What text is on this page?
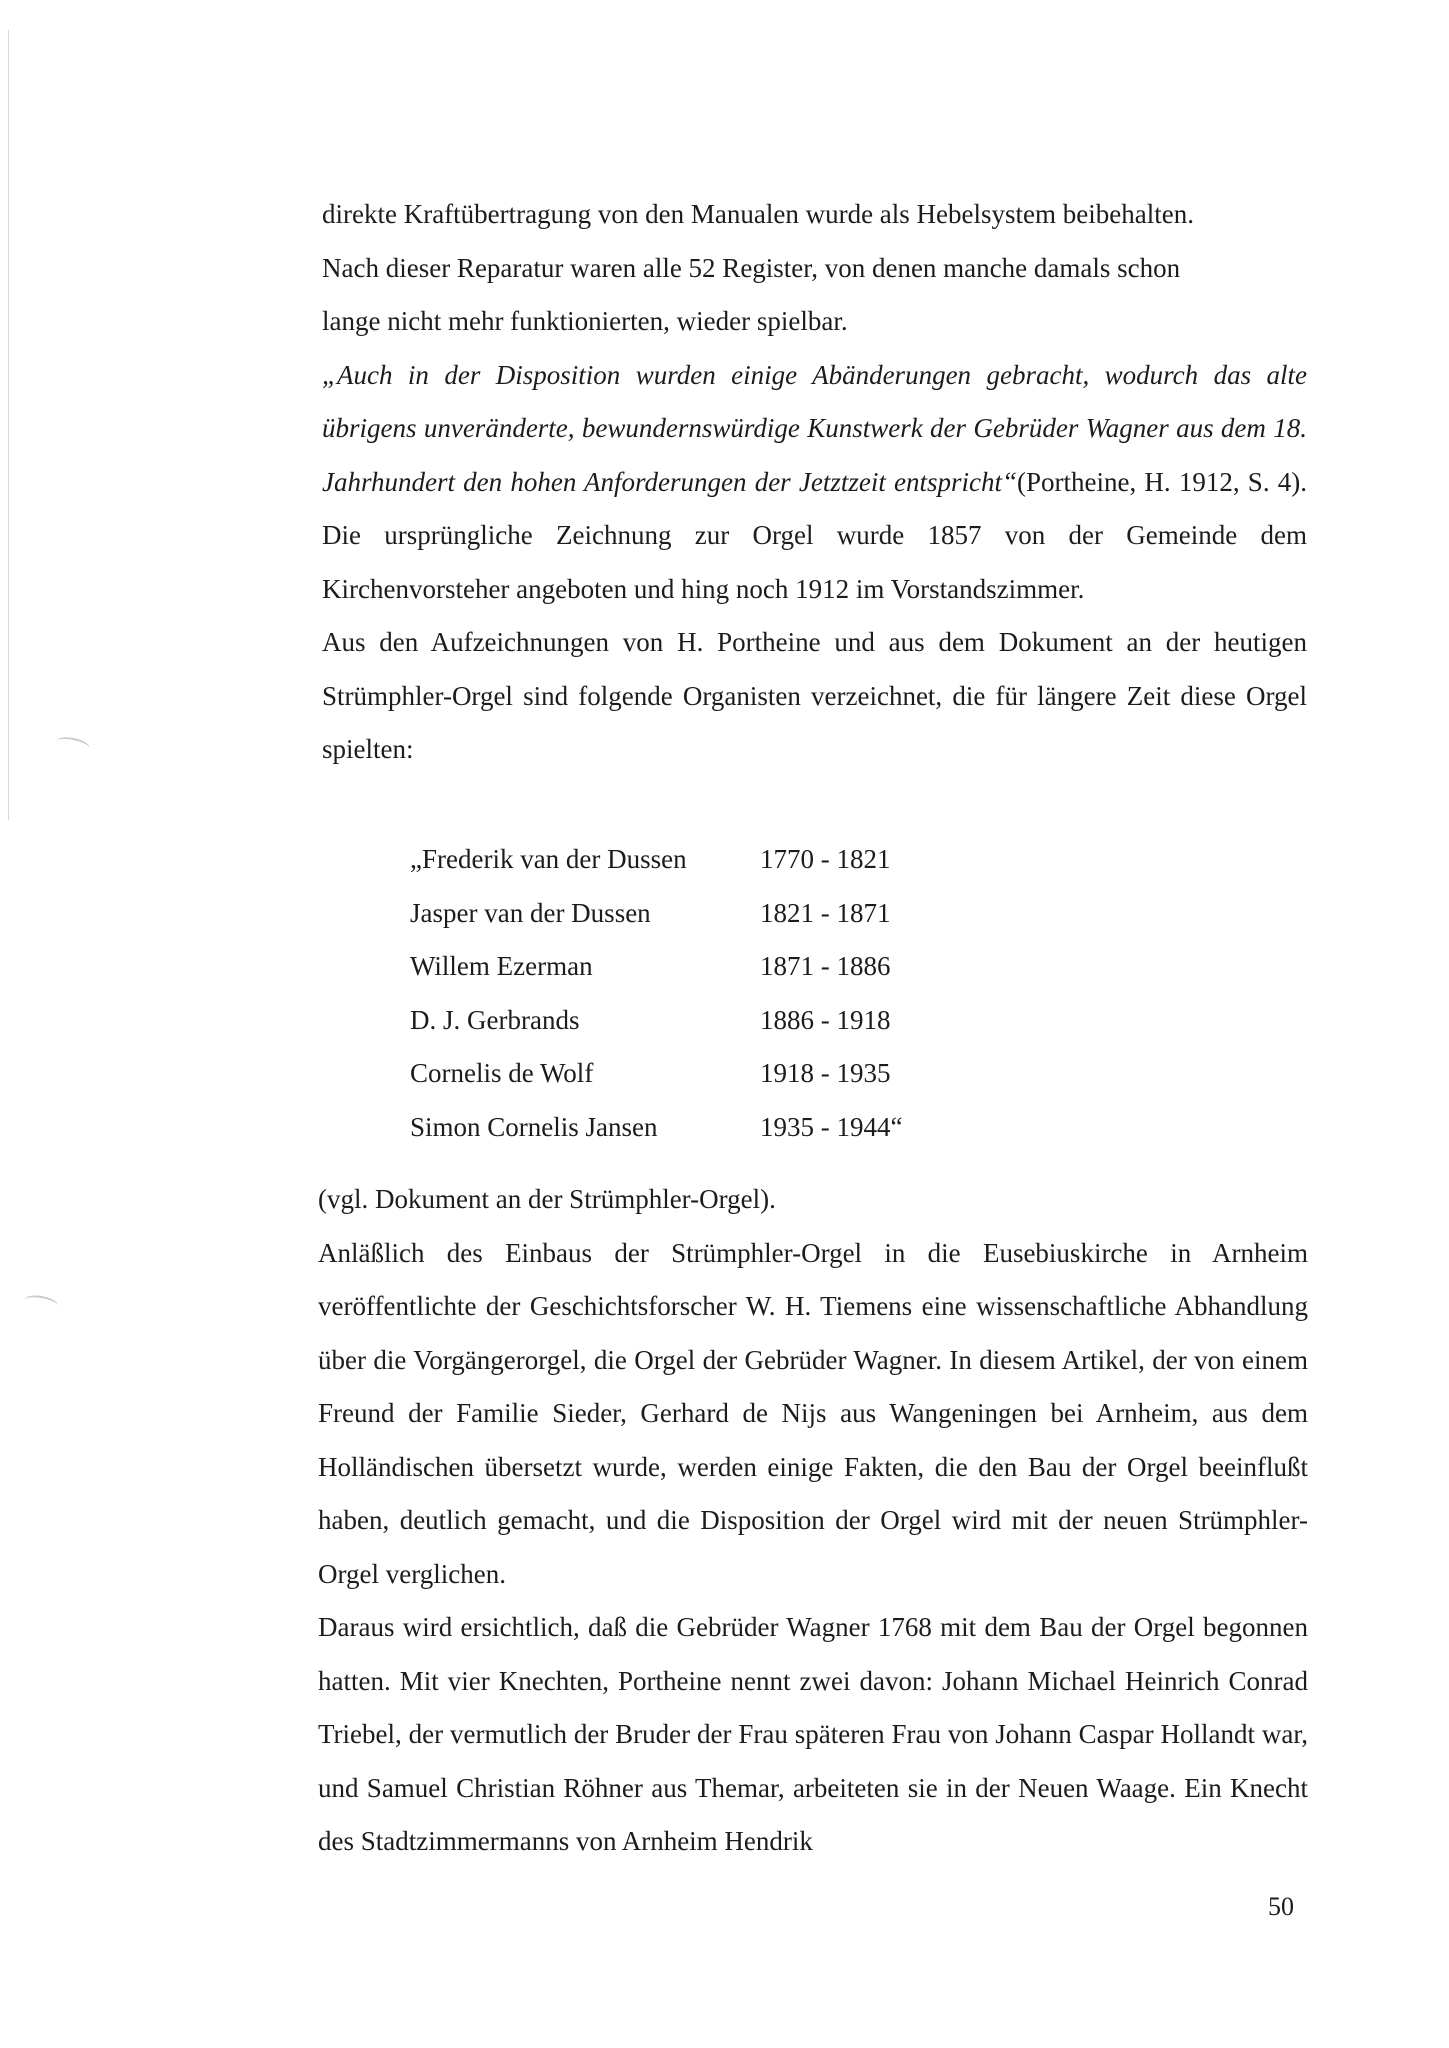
direkte Kraftübertragung von den Manualen wurde als Hebelsystem beibehalten.

Nach dieser Reparatur waren alle 52 Register, von denen manche damals schon

lange nicht mehr funktionierten, wieder spielbar.

„Auch in der Disposition wurden einige Abänderungen gebracht, wodurch das alte übrigens unveränderte, bewundernswürdige Kunstwerk der Gebrüder Wagner aus dem 18. Jahrhundert den hohen Anforderungen der Jetztzeit entspricht“(Portheine, H. 1912, S. 4). Die ursprüngliche Zeichnung zur Orgel wurde 1857 von der Gemeinde dem Kirchenvorsteher angeboten und hing noch 1912 im Vorstandszimmer.

Aus den Aufzeichnungen von H. Portheine und aus dem Dokument an der heutigen Strümphler-Orgel sind folgende Organisten verzeichnet, die für längere Zeit diese Orgel spielten:

„Frederik van der Dussen	1770 - 1821
Jasper van der Dussen	1821 - 1871
Willem Ezerman	1871 - 1886
D. J. Gerbrands	1886 - 1918
Cornelis de Wolf	1918 - 1935
Simon Cornelis Jansen	1935 - 1944“

(vgl. Dokument an der Strümphler-Orgel).

Anläßlich des Einbaus der Strümphler-Orgel in die Eusebiuskirche in Arnheim veröffentlichte der Geschichtsforscher W. H. Tiemens eine wissenschaftliche Abhandlung über die Vorgängerorgel, die Orgel der Gebrüder Wagner. In diesem Artikel, der von einem Freund der Familie Sieder, Gerhard de Nijs aus Wangeningen bei Arnheim, aus dem Holländischen übersetzt wurde, werden einige Fakten, die den Bau der Orgel beeinflußt haben, deutlich gemacht, und die Disposition der Orgel wird mit der neuen Strümphler-Orgel verglichen.

Daraus wird ersichtlich, daß die Gebrüder Wagner 1768 mit dem Bau der Orgel begonnen hatten. Mit vier Knechten, Portheine nennt zwei davon: Johann Michael Heinrich Conrad Triebel, der vermutlich der Bruder der Frau späteren Frau von Johann Caspar Hollandt war, und Samuel Christian Röhner aus Themar, arbeiteten sie in der Neuen Waage. Ein Knecht des Stadtzimmermanns von Arnheim Hendrik

50
